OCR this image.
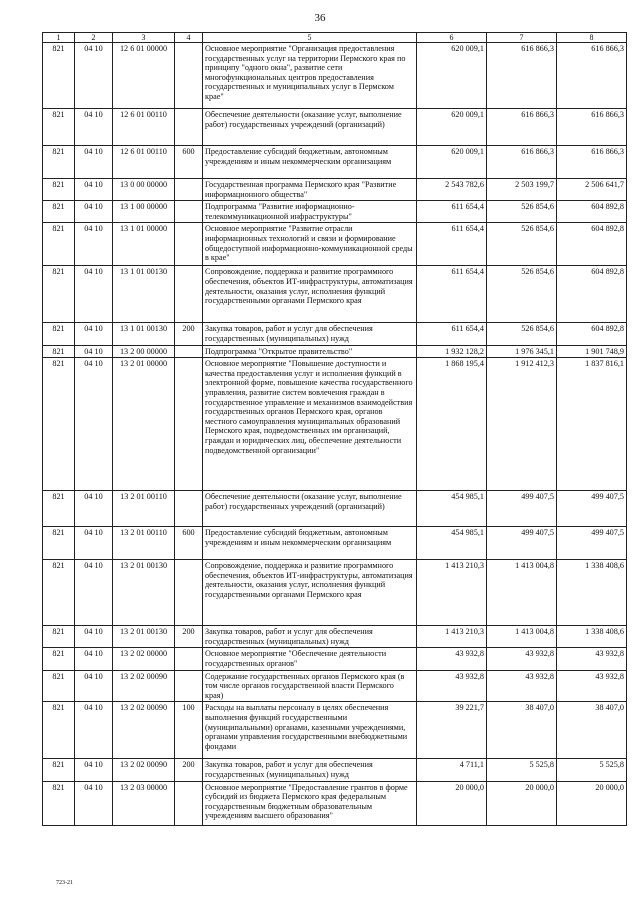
36
1	2	3	4	5	6	7	8
821	04 10	12 6 01 00000		Основное мероприятие "Организация предоставления государственных услуг на территории Пермского края по принципу "одного окна", развитие сети многофункциональных центров предоставления государственных и муниципальных услуг в Пермском крае"	620 009,1	616 866,3	616 866,3
821	04 10	12 6 01 00110		Обеспечение деятельности (оказание услуг, выполнение работ) государственных учреждений (организаций)	620 009,1	616 866,3	616 866,3
821	04 10	12 6 01 00110	600	Предоставление субсидий бюджетным, автономным учреждениям и иным некоммерческим организациям	620 009,1	616 866,3	616 866,3
821	04 10	13 0 00 00000		Государственная программа Пермского края "Развитие информационного общества"	2 543 782,6	2 503 199,7	2 506 641,7
821	04 10	13 1 00 00000		Подпрограмма "Развитие информационно-телекоммуникационной инфраструктуры"	611 654,4	526 854,6	604 892,8
821	04 10	13 1 01 00000		Основное мероприятие "Развитие отрасли информационных технологий и связи и формирование общедоступной информационно-коммуникационной среды в крае"	611 654,4	526 854,6	604 892,8
821	04 10	13 1 01 00130		Сопровождение, поддержка и развитие программного обеспечения, объектов ИТ-инфраструктуры, автоматизация деятельности, оказания услуг, исполнения функций государственными органами Пермского края	611 654,4	526 854,6	604 892,8
821	04 10	13 1 01 00130	200	Закупка товаров, работ и услуг для обеспечения государственных (муниципальных) нужд	611 654,4	526 854,6	604 892,8
821	04 10	13 2 00 00000		Подпрограмма "Открытое правительство"	1 932 128,2	1 976 345,1	1 901 748,9
821	04 10	13 2 01 00000		Основное мероприятие "Повышение доступности и качества предоставления услуг и исполнения функций в электронной форме, повышение качества государственного управления, развитие систем вовлечения граждан в государственное управление и механизмов взаимодействия государственных органов Пермского края, органов местного самоуправления муниципальных образований Пермского края, подведомственных им организаций, граждан и юридических лиц, обеспечение деятельности подведомственной организации"	1 868 195,4	1 912 412,3	1 837 816,1
821	04 10	13 2 01 00110		Обеспечение деятельности (оказание услуг, выполнение работ) государственных учреждений (организаций)	454 985,1	499 407,5	499 407,5
821	04 10	13 2 01 00110	600	Предоставление субсидий бюджетным, автономным учреждениям и иным некоммерческим организациям	454 985,1	499 407,5	499 407,5
821	04 10	13 2 01 00130		Сопровождение, поддержка и развитие программного обеспечения, объектов ИТ-инфраструктуры, автоматизация деятельности, оказания услуг, исполнения функций государственными органами Пермского края	1 413 210,3	1 413 004,8	1 338 408,6
821	04 10	13 2 01 00130	200	Закупка товаров, работ и услуг для обеспечения государственных (муниципальных) нужд	1 413 210,3	1 413 004,8	1 338 408,6
821	04 10	13 2 02 00000		Основное мероприятие "Обеспечение деятельности государственных органов"	43 932,8	43 932,8	43 932,8
821	04 10	13 2 02 00090		Содержание государственных органов Пермского края (в том числе органов государственной власти Пермского края)	43 932,8	43 932,8	43 932,8
821	04 10	13 2 02 00090	100	Расходы на выплаты персоналу в целях обеспечения выполнения функций государственными (муниципальными) органами, казенными учреждениями, органами управления государственными внебюджетными фондами	39 221,7	38 407,0	38 407,0
821	04 10	13 2 02 00090	200	Закупка товаров, работ и услуг для обеспечения государственных (муниципальных) нужд	4 711,1	5 525,8	5 525,8
821	04 10	13 2 03 00000		Основное мероприятие "Предоставление грантов в форме субсидий из бюджета Пермского края федеральным государственным бюджетным образовательным учреждениям высшего образования"	20 000,0	20 000,0	20 000,0
723-21
